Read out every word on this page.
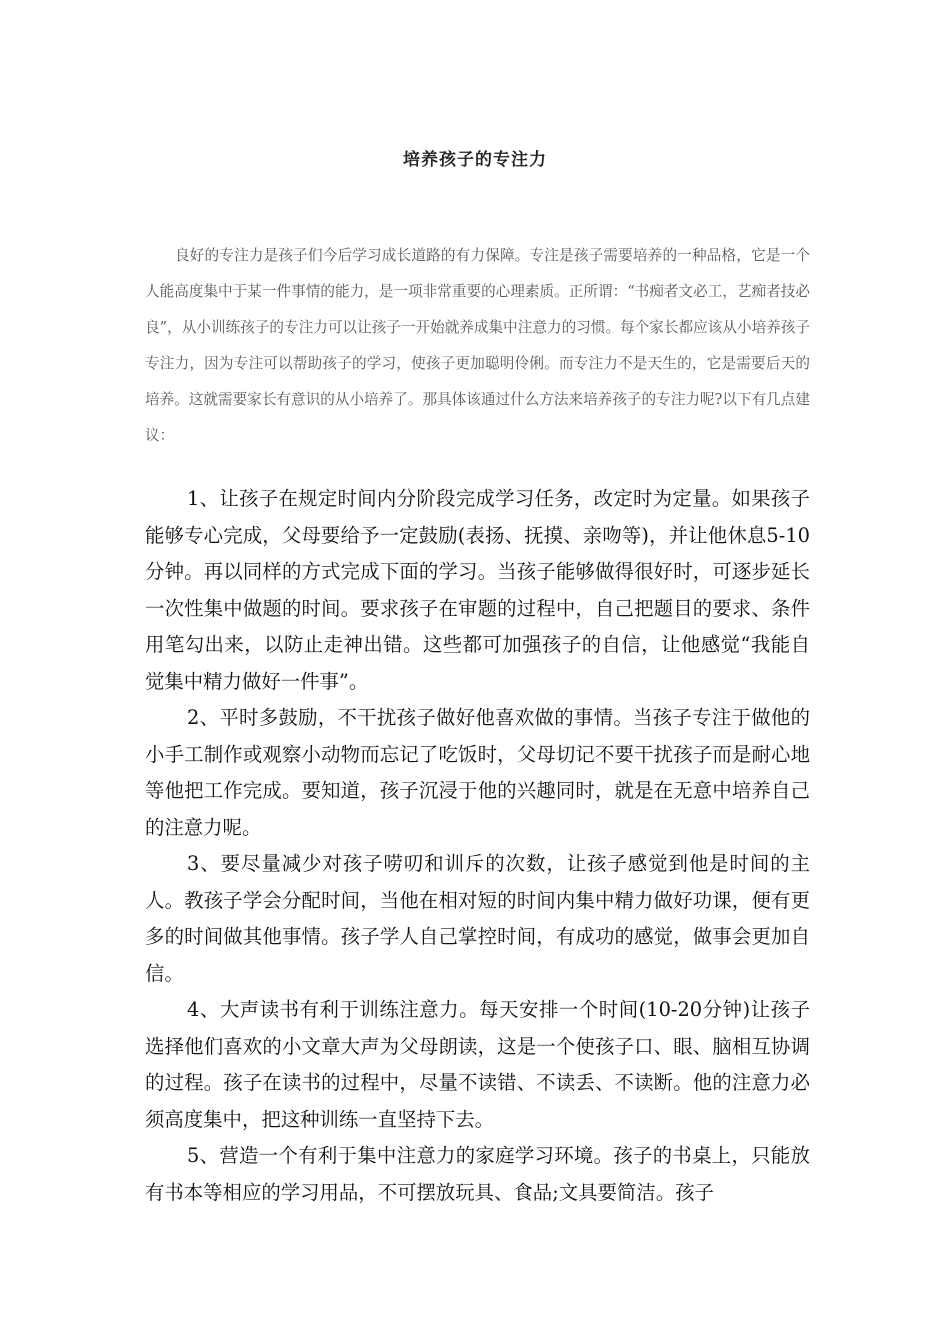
培养孩子的专注力

良好的专注力是孩子们今后学习成长道路的有力保障。专注是孩子需要培养的一种品格，它是一个人能高度集中于某一件事情的能力，是一项非常重要的心理素质。正所谓：“书痴者文必工，艺痴者技必良”，从小训练孩子的专注力可以让孩子一开始就养成集中注意力的习惯。每个家长都应该从小培养孩子专注力，因为专注可以帮助孩子的学习，使孩子更加聪明伶俐。而专注力不是天生的，它是需要后天的培养。这就需要家长有意识的从小培养了。那具体该通过什么方法来培养孩子的专注力呢?以下有几点建议：

1、让孩子在规定时间内分阶段完成学习任务，改定时为定量。如果孩子能够专心完成，父母要给予一定鼓励(表扬、抚摸、亲吻等)，并让他休息5-10分钟。再以同样的方式完成下面的学习。当孩子能够做得很好时，可逐步延长一次性集中做题的时间。要求孩子在审题的过程中，自己把题目的要求、条件用笔勾出来，以防止走神出错。这些都可加强孩子的自信，让他感觉“我能自觉集中精力做好一件事”。

2、平时多鼓励，不干扰孩子做好他喜欢做的事情。当孩子专注于做他的小手工制作或观察小动物而忘记了吃饭时，父母切记不要干扰孩子而是耐心地等他把工作完成。要知道，孩子沉浸于他的兴趣同时，就是在无意中培养自己的注意力呢。

3、要尽量减少对孩子唠叨和训斥的次数，让孩子感觉到他是时间的主人。教孩子学会分配时间，当他在相对短的时间内集中精力做好功课，便有更多的时间做其他事情。孩子学人自己掌控时间，有成功的感觉，做事会更加自信。

4、大声读书有利于训练注意力。每天安排一个时间(10-20分钟)让孩子选择他们喜欢的小文章大声为父母朗读，这是一个使孩子口、眼、脑相互协调的过程。孩子在读书的过程中，尽量不读错、不读丢、不读断。他的注意力必须高度集中，把这种训练一直坚持下去。

5、营造一个有利于集中注意力的家庭学习环境。孩子的书桌上，只能放有书本等相应的学习用品，不可摆放玩具、食品;文具要简洁。孩子
